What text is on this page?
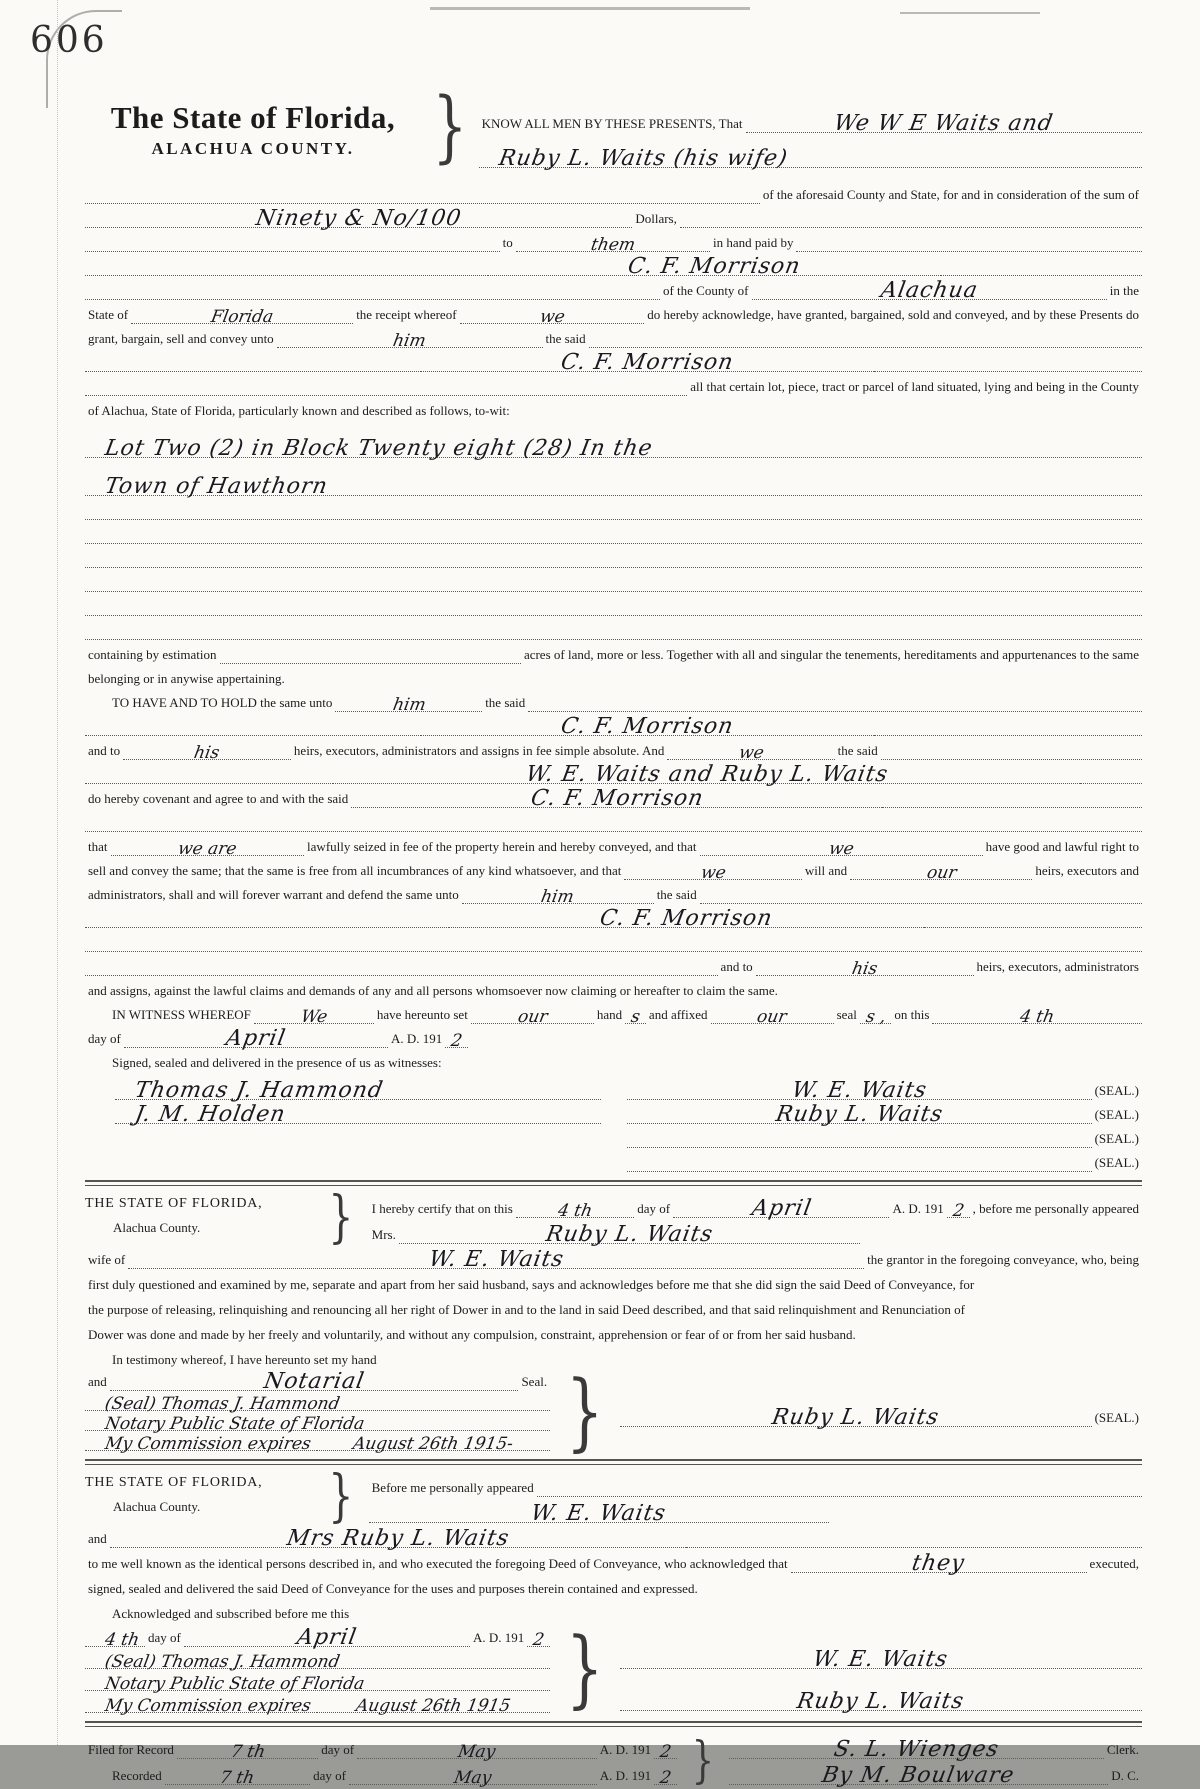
606
The State of Florida,
ALACHUA COUNTY. } KNOW ALL MEN BY THESE PRESENTS, That	We W E Waits and
Ruby L. Waits (his wife)
of the aforesaid County and State, for and in consideration of the sum of
Ninety & No/100	Dollars,
to	them	in hand paid by
C. F. Morrison
of the County of	Alachua	in the
State of	Florida	the receipt whereof	we	do hereby acknowledge, have granted, bargained, sold and conveyed, and by these Presents do
grant, bargain, sell and convey unto	him	the said
C. F. Morrison
all that certain lot, piece, tract or parcel of land situated, lying and being in the County
of Alachua, State of Florida, particularly known and described as follows, to-wit:
Lot Two (2) in Block Twenty eight (28) In the
Town of Hawthorn
containing by estimation	acres of land, more or less. Together with all and singular the tenements, hereditaments and appurtenances to the same
belonging or in anywise appertaining.
TO HAVE AND TO HOLD the same unto	him	the said
C. F. Morrison
and to	his	heirs, executors, administrators and assigns in fee simple absolute. And	we	the said
W. E. Waits and Ruby L. Waits
do hereby covenant and agree to and with the said	C. F. Morrison
that	we are	lawfully seized in fee of the property herein and hereby conveyed, and that	we	have good and lawful right to
sell and convey the same; that the same is free from all incumbrances of any kind whatsoever, and that	we	will and	our	heirs, executors and
administrators, shall and will forever warrant and defend the same unto	him	the said
C. F. Morrison
and to	his	heirs, executors, administrators
and assigns, against the lawful claims and demands of any and all persons whomsoever now claiming or hereafter to claim the same.
IN WITNESS WHEREOF	We	have hereunto set	our	hand s and affixed	our	seal s , on this	4 th
day of	April	A. D. 191 2
Signed, sealed and delivered in the presence of us as witnesses:
Thomas J. Hammond
J. M. Holden
W. E. Waits	(SEAL.)
Ruby L. Waits	(SEAL.)
(SEAL.)
(SEAL.)
THE STATE OF FLORIDA,
Alachua County.	} I hereby certify that on this	4 th	day of	April	A. D. 191 2 , before me personally appeared
Mrs.	Ruby L. Waits
wife of	W. E. Waits	the grantor in the foregoing conveyance, who, being
first duly questioned and examined by me, separate and apart from her said husband, says and acknowledges before me that she did sign the said Deed of Conveyance, for
the purpose of releasing, relinquishing and renouncing all her right of Dower in and to the land in said Deed described, and that said relinquishment and Renunciation of
Dower was done and made by her freely and voluntarily, and without any compulsion, constraint, apprehension or fear of or from her said husband.
In testimony whereof, I have hereunto set my hand
and	Notarial	Seal.
(Seal) Thomas J. Hammond
Notary Public State of Florida
My Commission expires	August 26th 1915- }	Ruby L. Waits	(SEAL.)
THE STATE OF FLORIDA,
Alachua County.	} Before me personally appeared
W. E. Waits
and	Mrs Ruby L. Waits
to me well known as the identical persons described in, and who executed the foregoing Deed of Conveyance, who acknowledged that	they	executed,
signed, sealed and delivered the said Deed of Conveyance for the uses and purposes therein contained and expressed.
Acknowledged and subscribed before me this
4 th day of	April	A. D. 191 2
(Seal) Thomas J. Hammond
Notary Public State of Florida
My Commission expires	August 26th 1915 }	W. E. Waits
Ruby L. Waits
Filed for Record	7 th	day of	May	A. D. 191 2
Recorded	7 th	day of	May	A. D. 191 2 }	S. L. Wienges	Clerk.
By M. Boulware	D. C.
